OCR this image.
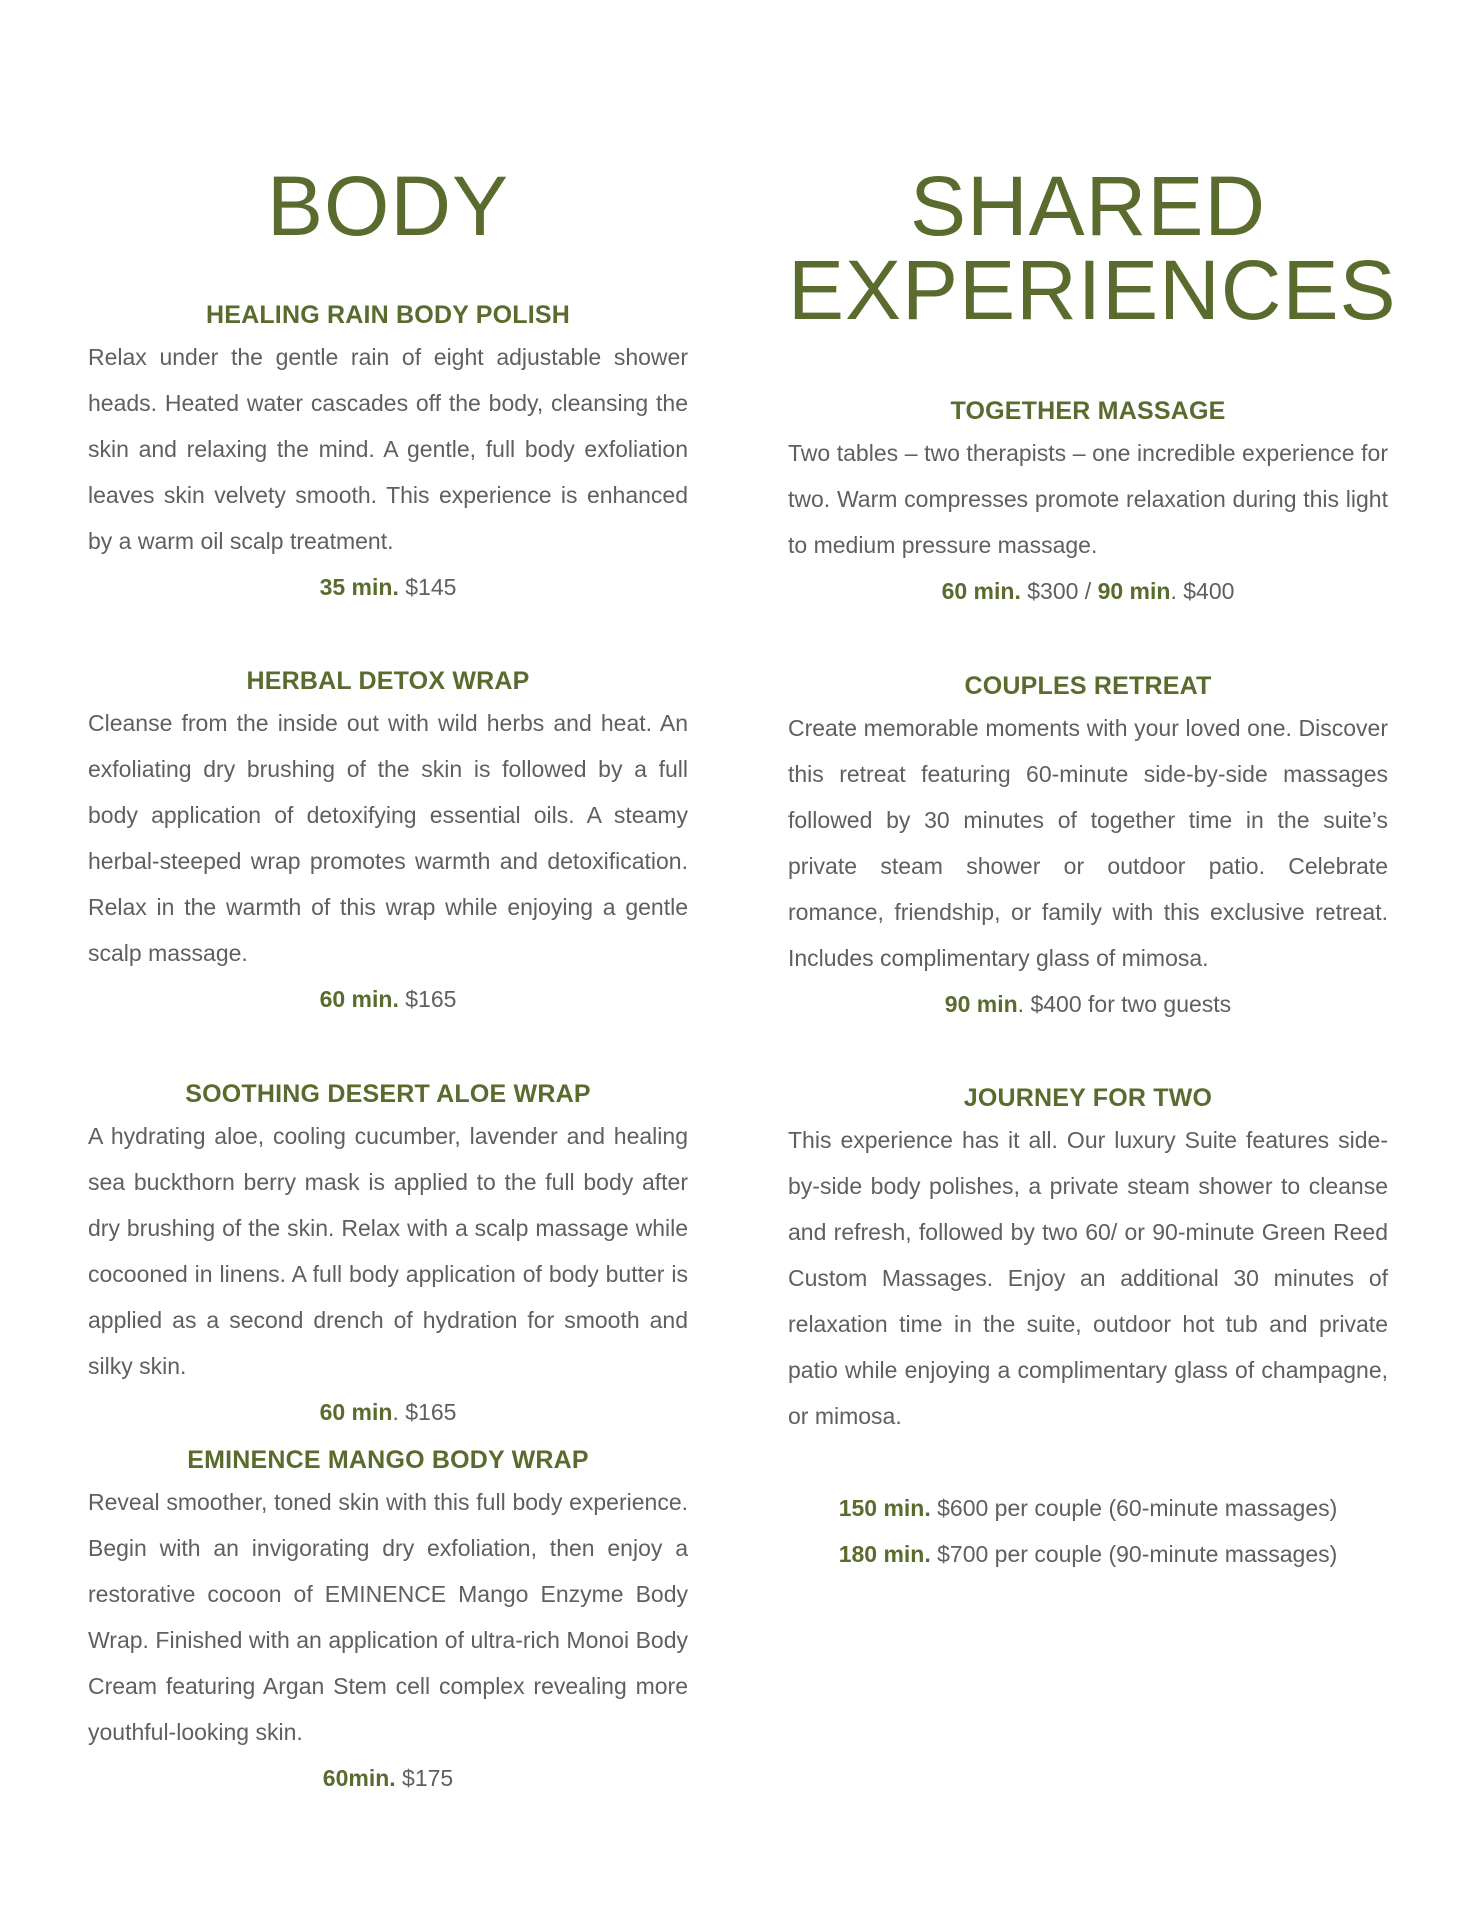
BODY

HEALING RAIN BODY POLISH

Relax under the gentle rain of eight adjustable shower heads. Heated water cascades off the body, cleansing the skin and relaxing the mind. A gentle, full body exfoliation leaves skin velvety smooth. This experience is enhanced by a warm oil scalp treatment.

35 min. $145

HERBAL DETOX WRAP

Cleanse from the inside out with wild herbs and heat. An exfoliating dry brushing of the skin is followed by a full body application of detoxifying essential oils. A steamy herbal-steeped wrap promotes warmth and detoxification. Relax in the warmth of this wrap while enjoying a gentle scalp massage.

60 min. $165

SOOTHING DESERT ALOE WRAP

A hydrating aloe, cooling cucumber, lavender and healing sea buckthorn berry mask is applied to the full body after dry brushing of the skin. Relax with a scalp massage while cocooned in linens. A full body application of body butter is applied as a second drench of hydration for smooth and silky skin.

60 min. $165

EMINENCE MANGO BODY WRAP

Reveal smoother, toned skin with this full body experience. Begin with an invigorating dry exfoliation, then enjoy a restorative cocoon of EMINENCE Mango Enzyme Body Wrap. Finished with an application of ultra-rich Monoi Body Cream featuring Argan Stem cell complex revealing more youthful-looking skin.

60min. $175

SHARED
EXPERIENCES

TOGETHER MASSAGE

Two tables – two therapists – one incredible experience for two. Warm compresses promote relaxation during this light to medium pressure massage.

60 min. $300 / 90 min. $400

COUPLES RETREAT

Create memorable moments with your loved one. Discover this retreat featuring 60-minute side-by-side massages followed by 30 minutes of together time in the suite’s private steam shower or outdoor patio. Celebrate romance, friendship, or family with this exclusive retreat. Includes complimentary glass of mimosa.

90 min. $400 for two guests

JOURNEY FOR TWO

This experience has it all. Our luxury Suite features side-by-side body polishes, a private steam shower to cleanse and refresh, followed by two 60/ or 90-minute Green Reed Custom Massages. Enjoy an additional 30 minutes of relaxation time in the suite, outdoor hot tub and private patio while enjoying a complimentary glass of champagne, or mimosa.

150 min. $600 per couple (60-minute massages)

180 min. $700 per couple (90-minute massages)
